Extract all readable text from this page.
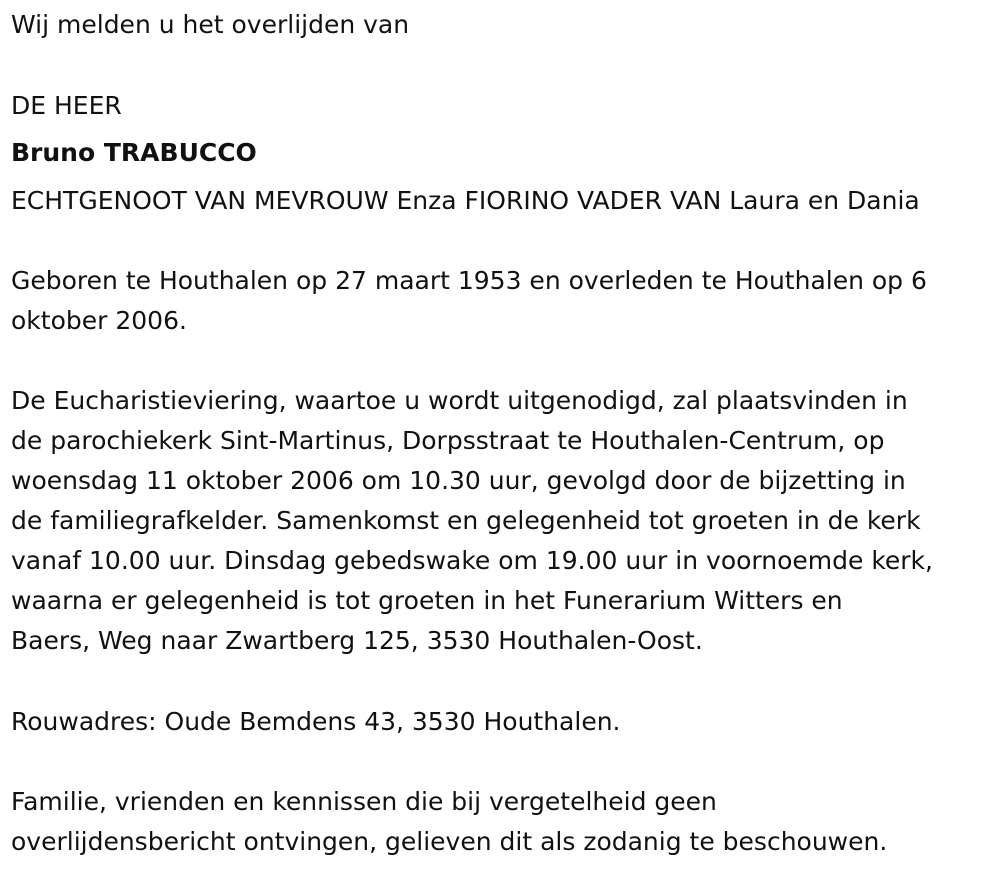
Wij melden u het overlijden van
DE HEER
Bruno TRABUCCO
ECHTGENOOT VAN MEVROUW Enza FIORINO VADER VAN Laura en Dania
Geboren te Houthalen op 27 maart 1953 en overleden te Houthalen op 6
oktober 2006.
De Eucharistieviering, waartoe u wordt uitgenodigd, zal plaatsvinden in
de parochiekerk Sint-Martinus, Dorpsstraat te Houthalen-Centrum, op
woensdag 11 oktober 2006 om 10.30 uur, gevolgd door de bijzetting in
de familiegrafkelder. Samenkomst en gelegenheid tot groeten in de kerk
vanaf 10.00 uur. Dinsdag gebedswake om 19.00 uur in voornoemde kerk,
waarna er gelegenheid is tot groeten in het Funerarium Witters en
Baers, Weg naar Zwartberg 125, 3530 Houthalen-Oost.
Rouwadres: Oude Bemdens 43, 3530 Houthalen.
Familie, vrienden en kennissen die bij vergetelheid geen
overlijdensbericht ontvingen, gelieven dit als zodanig te beschouwen.
